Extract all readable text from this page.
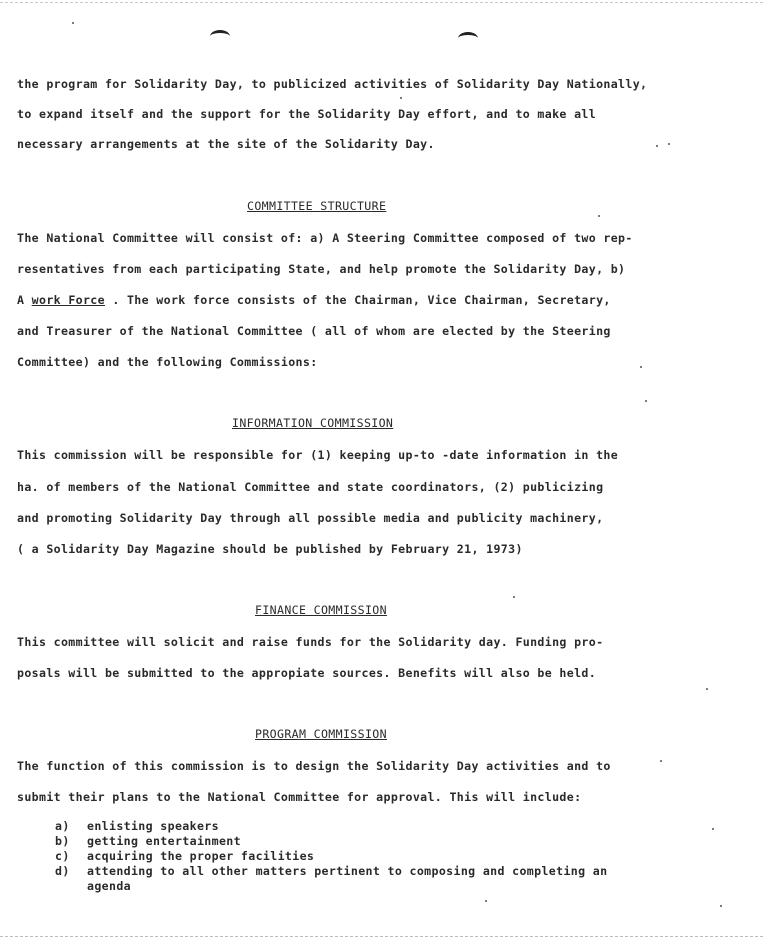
the program for Solidarity Day, to publicized activities of Solidarity Day Nationally,
to expand itself and the support for the Solidarity Day effort, and to make all
necessary arrangements at the site of the Solidarity Day.
COMMITTEE STRUCTURE
The National Committee will consist of: a) A Steering Committee composed of two rep-
resentatives from each participating State, and help promote the Solidarity Day, b)
A work Force . The work force consists of the Chairman, Vice Chairman, Secretary,
and Treasurer of the National Committee ( all of whom are elected by the Steering
Committee) and the following Commissions:
INFORMATION COMMISSION
This commission will be responsible for (1) keeping up-to -date information in the
ha. of members of the National Committee and state coordinators, (2) publicizing
and promoting Solidarity Day through all possible media and publicity machinery,
( a Solidarity Day Magazine should be published by February 21, 1973)
FINANCE COMMISSION
This committee will solicit and raise funds for the Solidarity day. Funding pro-
posals will be submitted to the appropiate sources. Benefits will also be held.
PROGRAM COMMISSION
The function of this commission is to design the Solidarity Day activities and to
submit their plans to the National Committee for approval. This will include:
a)	enlisting speakers
b)	getting entertainment
c)	acquiring the proper facilities
d)	attending to all other matters pertinent to composing and completing an agenda
